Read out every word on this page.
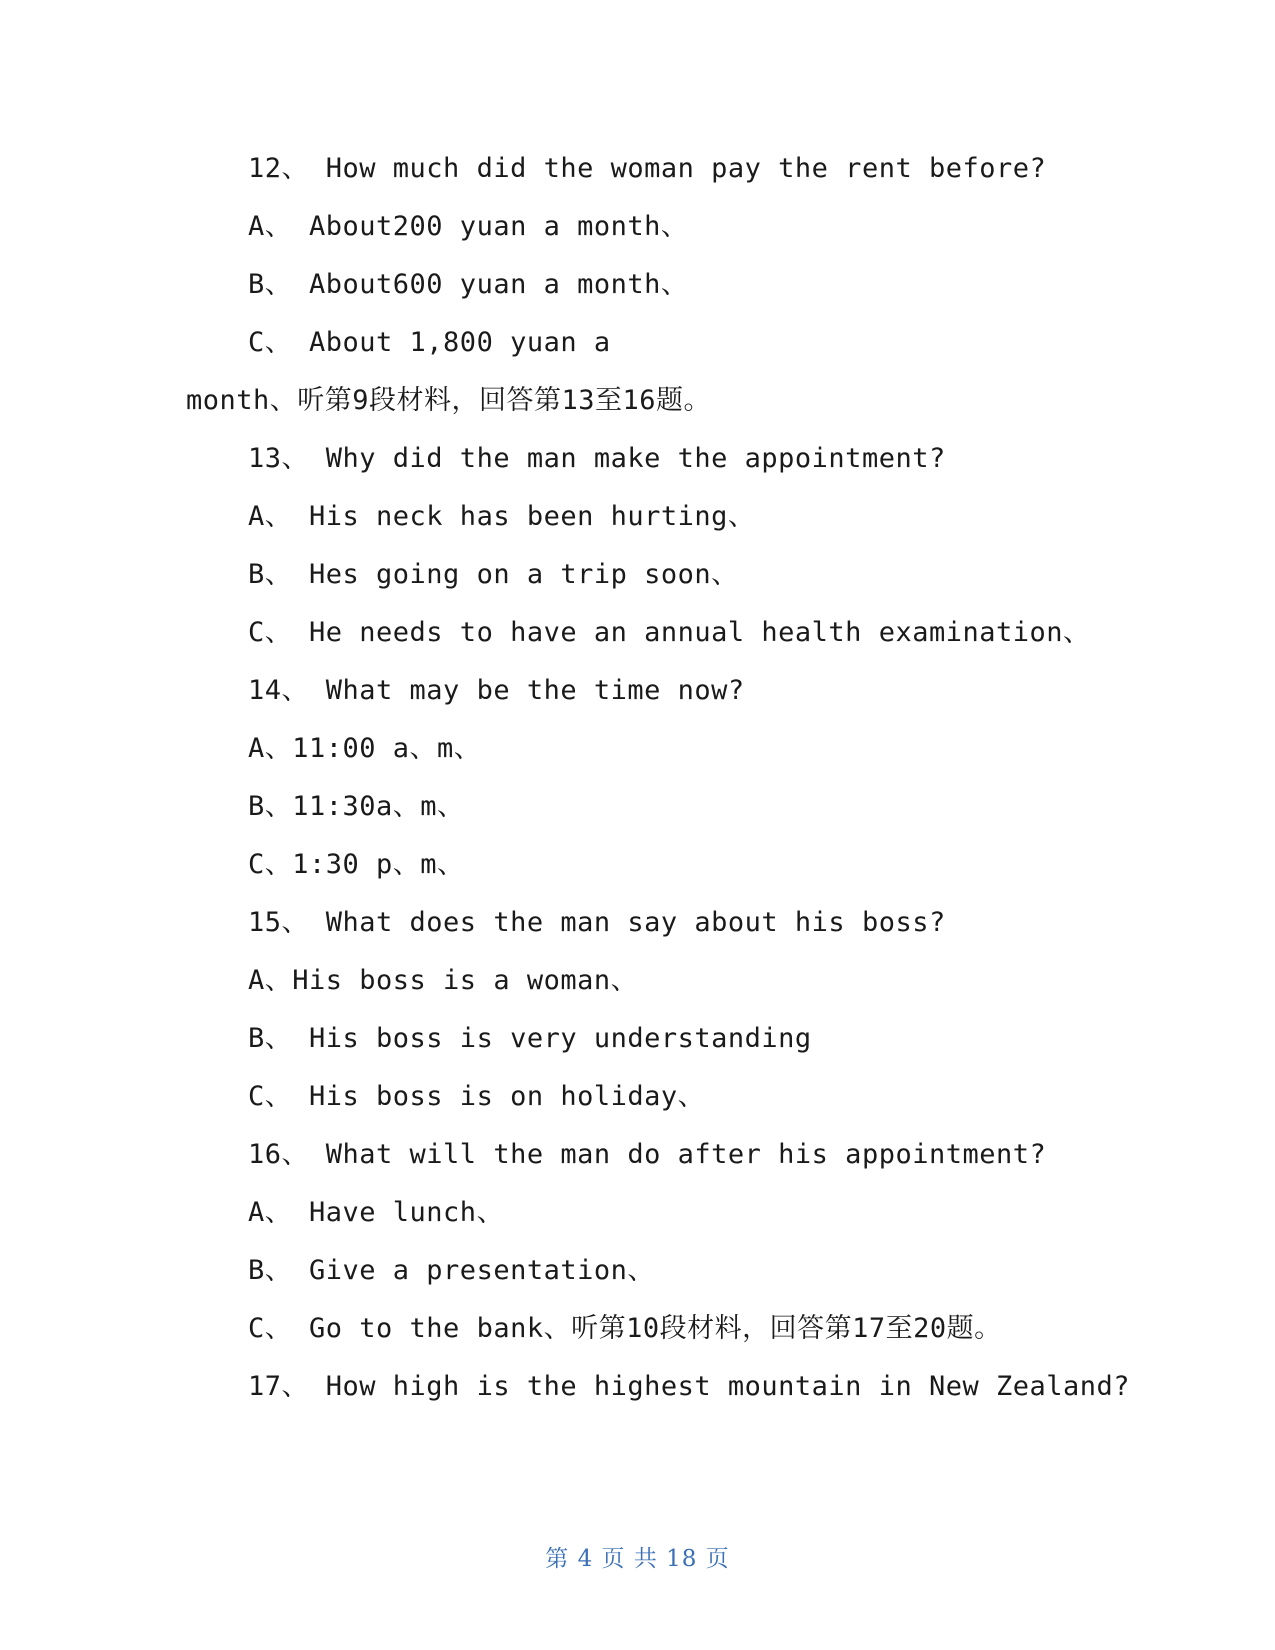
12、 How much did the woman pay the rent before?
A、 About200 yuan a month、
B、 About600 yuan a month、
C、 About 1,800 yuan a
month、听第9段材料，回答第13至16题。
13、 Why did the man make the appointment?
A、 His neck has been hurting、
B、 Hes going on a trip soon、
C、 He needs to have an annual health examination、
14、 What may be the time now?
A、11:00 a、m、
B、11:30a、m、
C、1:30 p、m、
15、 What does the man say about his boss?
A、His boss is a woman、
B、 His boss is very understanding
C、 His boss is on holiday、
16、 What will the man do after his appointment?
A、 Have lunch、
B、 Give a presentation、
C、 Go to the bank、听第10段材料，回答第17至20题。
17、 How high is the highest mountain in New Zealand?
第 4 页 共 18 页
